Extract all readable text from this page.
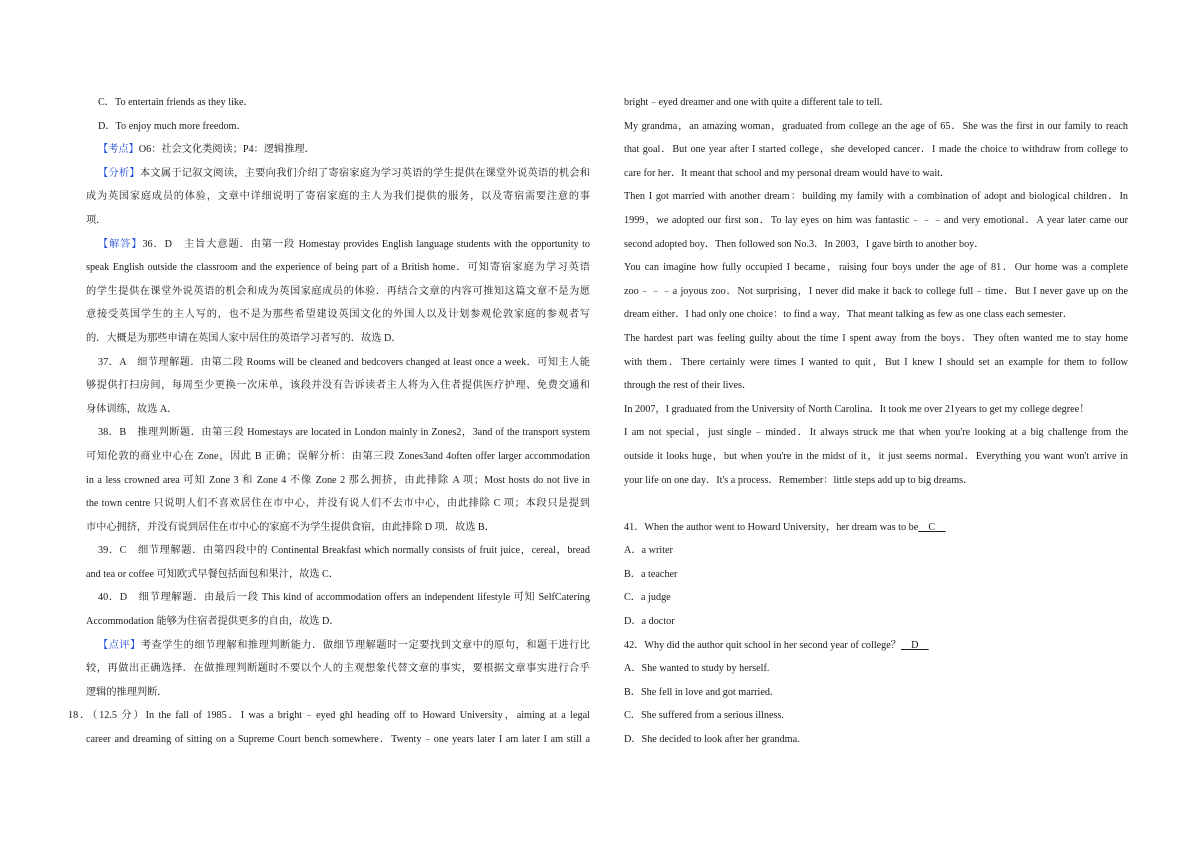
C．To entertain friends as they like．
D．To enjoy much more freedom．
【考点】O6：社会文化类阅读；P4：逻辑推理．
【分析】本文属于记叙文阅读，主要向我们介绍了寄宿家庭为学习英语的学生提供在课堂外说英语的机会和
成为英国家庭成员的体验，文章中详细说明了寄宿家庭的主人为我们提供的服务，以及寄宿需要注意的事
项．
【解答】36．D　主旨大意题．由第一段 Homestay provides English language students with the opportunity to
speak English outside the classroom and the experience of being part of a British home．可知寄宿家庭为学习英语
的学生提供在课堂外说英语的机会和成为英国家庭成员的体验．再结合文章的内容可推知这篇文章不是为愿
意接受英国学生的主人写的，也不是为那些希望建设英国文化的外国人以及计划参观伦敦家庭的参观者写
的．大概是为那些申请在英国人家中居住的英语学习者写的．故选 D．
37．A　细节理解题．由第二段 Rooms will be cleaned and bedcovers changed at least once a week．可知主人能
够提供打扫房间，每周至少更换一次床单，该段并没有告诉读者主人将为入住者提供医疗护理、免费交通和
身体训练，故选 A．
38．B　推理判断题．由第三段 Homestays are located in London mainly in Zones2，3and of the transport system
可知伦敦的商业中心在 Zone，因此 B 正确；误解分析：由第三段 Zones3and 4often offer larger accommodation
in a less crowned area 可知 Zone 3 和 Zone 4 不像 Zone 2 那么拥挤，由此排除 A 项；Most hosts do not live in
the town centre 只说明人们不喜欢居住在市中心，并没有说人们不去市中心，由此排除 C 项；本段只是提到
市中心拥挤，并没有说到居住在市中心的家庭不为学生提供食宿，由此排除 D 项．故选 B．
39．C　细节理解题．由第四段中的 Continental Breakfast which normally consists of fruit juice，cereal，bread
and tea or coffee 可知欧式早餐包括面包和果汁，故选 C．
40．D　细节理解题．由最后一段 This kind of accommodation offers an independent lifestyle 可知 SelfCatering
Accommodation 能够为住宿者提供更多的自由，故选 D．
【点评】考查学生的细节理解和推理判断能力．做细节理解题时一定要找到文章中的原句，和题干进行比
较，再做出正确选择．在做推理判断题时不要以个人的主观想象代替文章的事实，要根据文章事实进行合乎
逻辑的推理判断．
18．（12.5 分）In the fall of 1985．I was a bright﹣eyed ghl heading off to Howard University，aiming at a legal
career and dreaming of sitting on a Supreme Court bench somewhere．Twenty﹣one years later I am later I am still a
bright﹣eyed dreamer and one with quite a different tale to tell．
My grandma，an amazing woman，graduated from college an the age of 65．She was the first in our family to reach
that goal．But one year after I started college，she developed cancer．I made the choice to withdraw from college to
care for her．It meant that school and my personal dream would have to wait．
Then I got married with another dream：building my family with a combination of adopt and biological children．In
1999，we adopted our first son．To lay eyes on him was fantastic﹣﹣﹣and very emotional．A year later came our
second adopted boy．Then followed son No.3．In 2003，I gave birth to another boy．
You can imagine how fully occupied I became，raising four boys under the age of 81．Our home was a complete
zoo﹣﹣﹣a joyous zoo．Not surprising，I never did make it back to college full﹣time．But I never gave up on the
dream either．I had only one choice：to find a way．That meant talking as few as one class each semester．
The hardest part was feeling guilty about the time I spent away from the boys．They often wanted me to stay home
with them．There certainly were times I wanted to quit，But I knew I should set an example for them to follow
through the rest of their lives．
In 2007，I graduated from the University of North Carolina．It took me over 21years to get my college degree！
I am not special，just single﹣minded．It always struck me that when you're looking at a big challenge from the
outside it looks huge，but when you're in the midst of it，it just seems normal．Everything you want won't arrive in
your life on one day．It's a process．Remember：little steps add up to big dreams．
41．When the author went to Howard University，her dream was to be   C  
A．a writer
B．a teacher
C．a judge
D．a doctor
42．Why did the author quit school in her second year of college？   D  
A．She wanted to study by herself.
B．She fell in love and got married.
C．She suffered from a serious illness.
D．She decided to look after her grandma.
